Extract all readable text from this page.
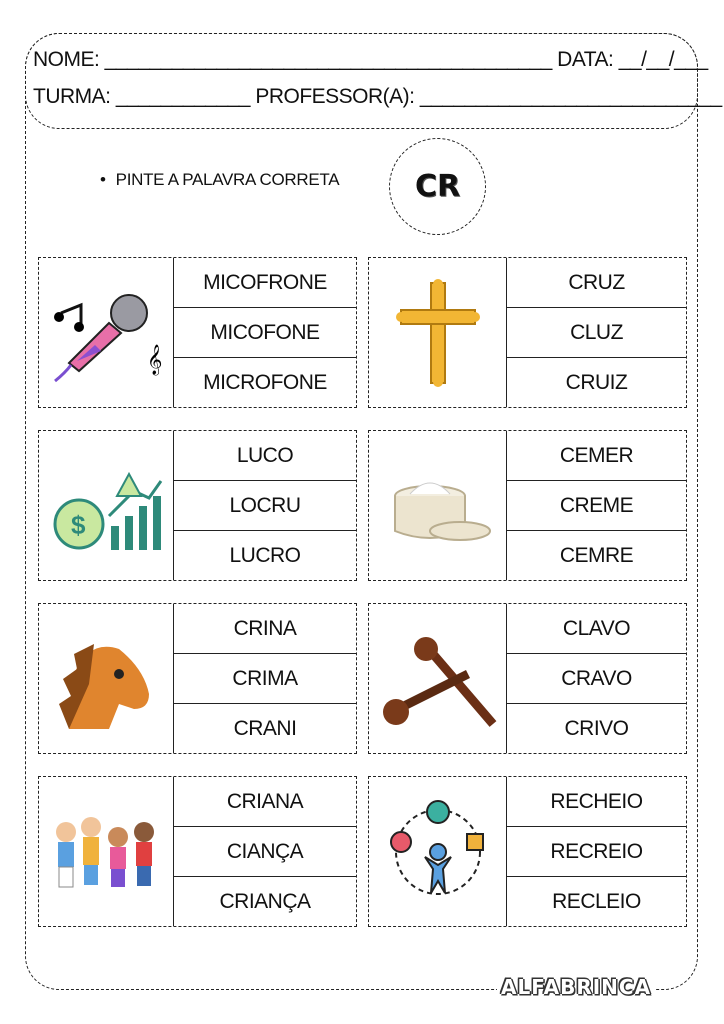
NOME: ________________________________________ DATA: __/__/___
TURMA: ____________ PROFESSOR(A): ___________________________
• PINTE A PALAVRA CORRETA	CR
𝄞
MICOFRONE
MICOFONE
MICROFONE
CRUZ
CLUZ
CRUIZ
$
LUCO
LOCRU
LUCRO
CEMER
CREME
CEMRE
CRINA
CRIMA
CRANI
CLAVO
CRAVO
CRIVO
CRIANA
CIANÇA
CRIANÇA
RECHEIO
RECREIO
RECLEIO
ALFABRINCA
